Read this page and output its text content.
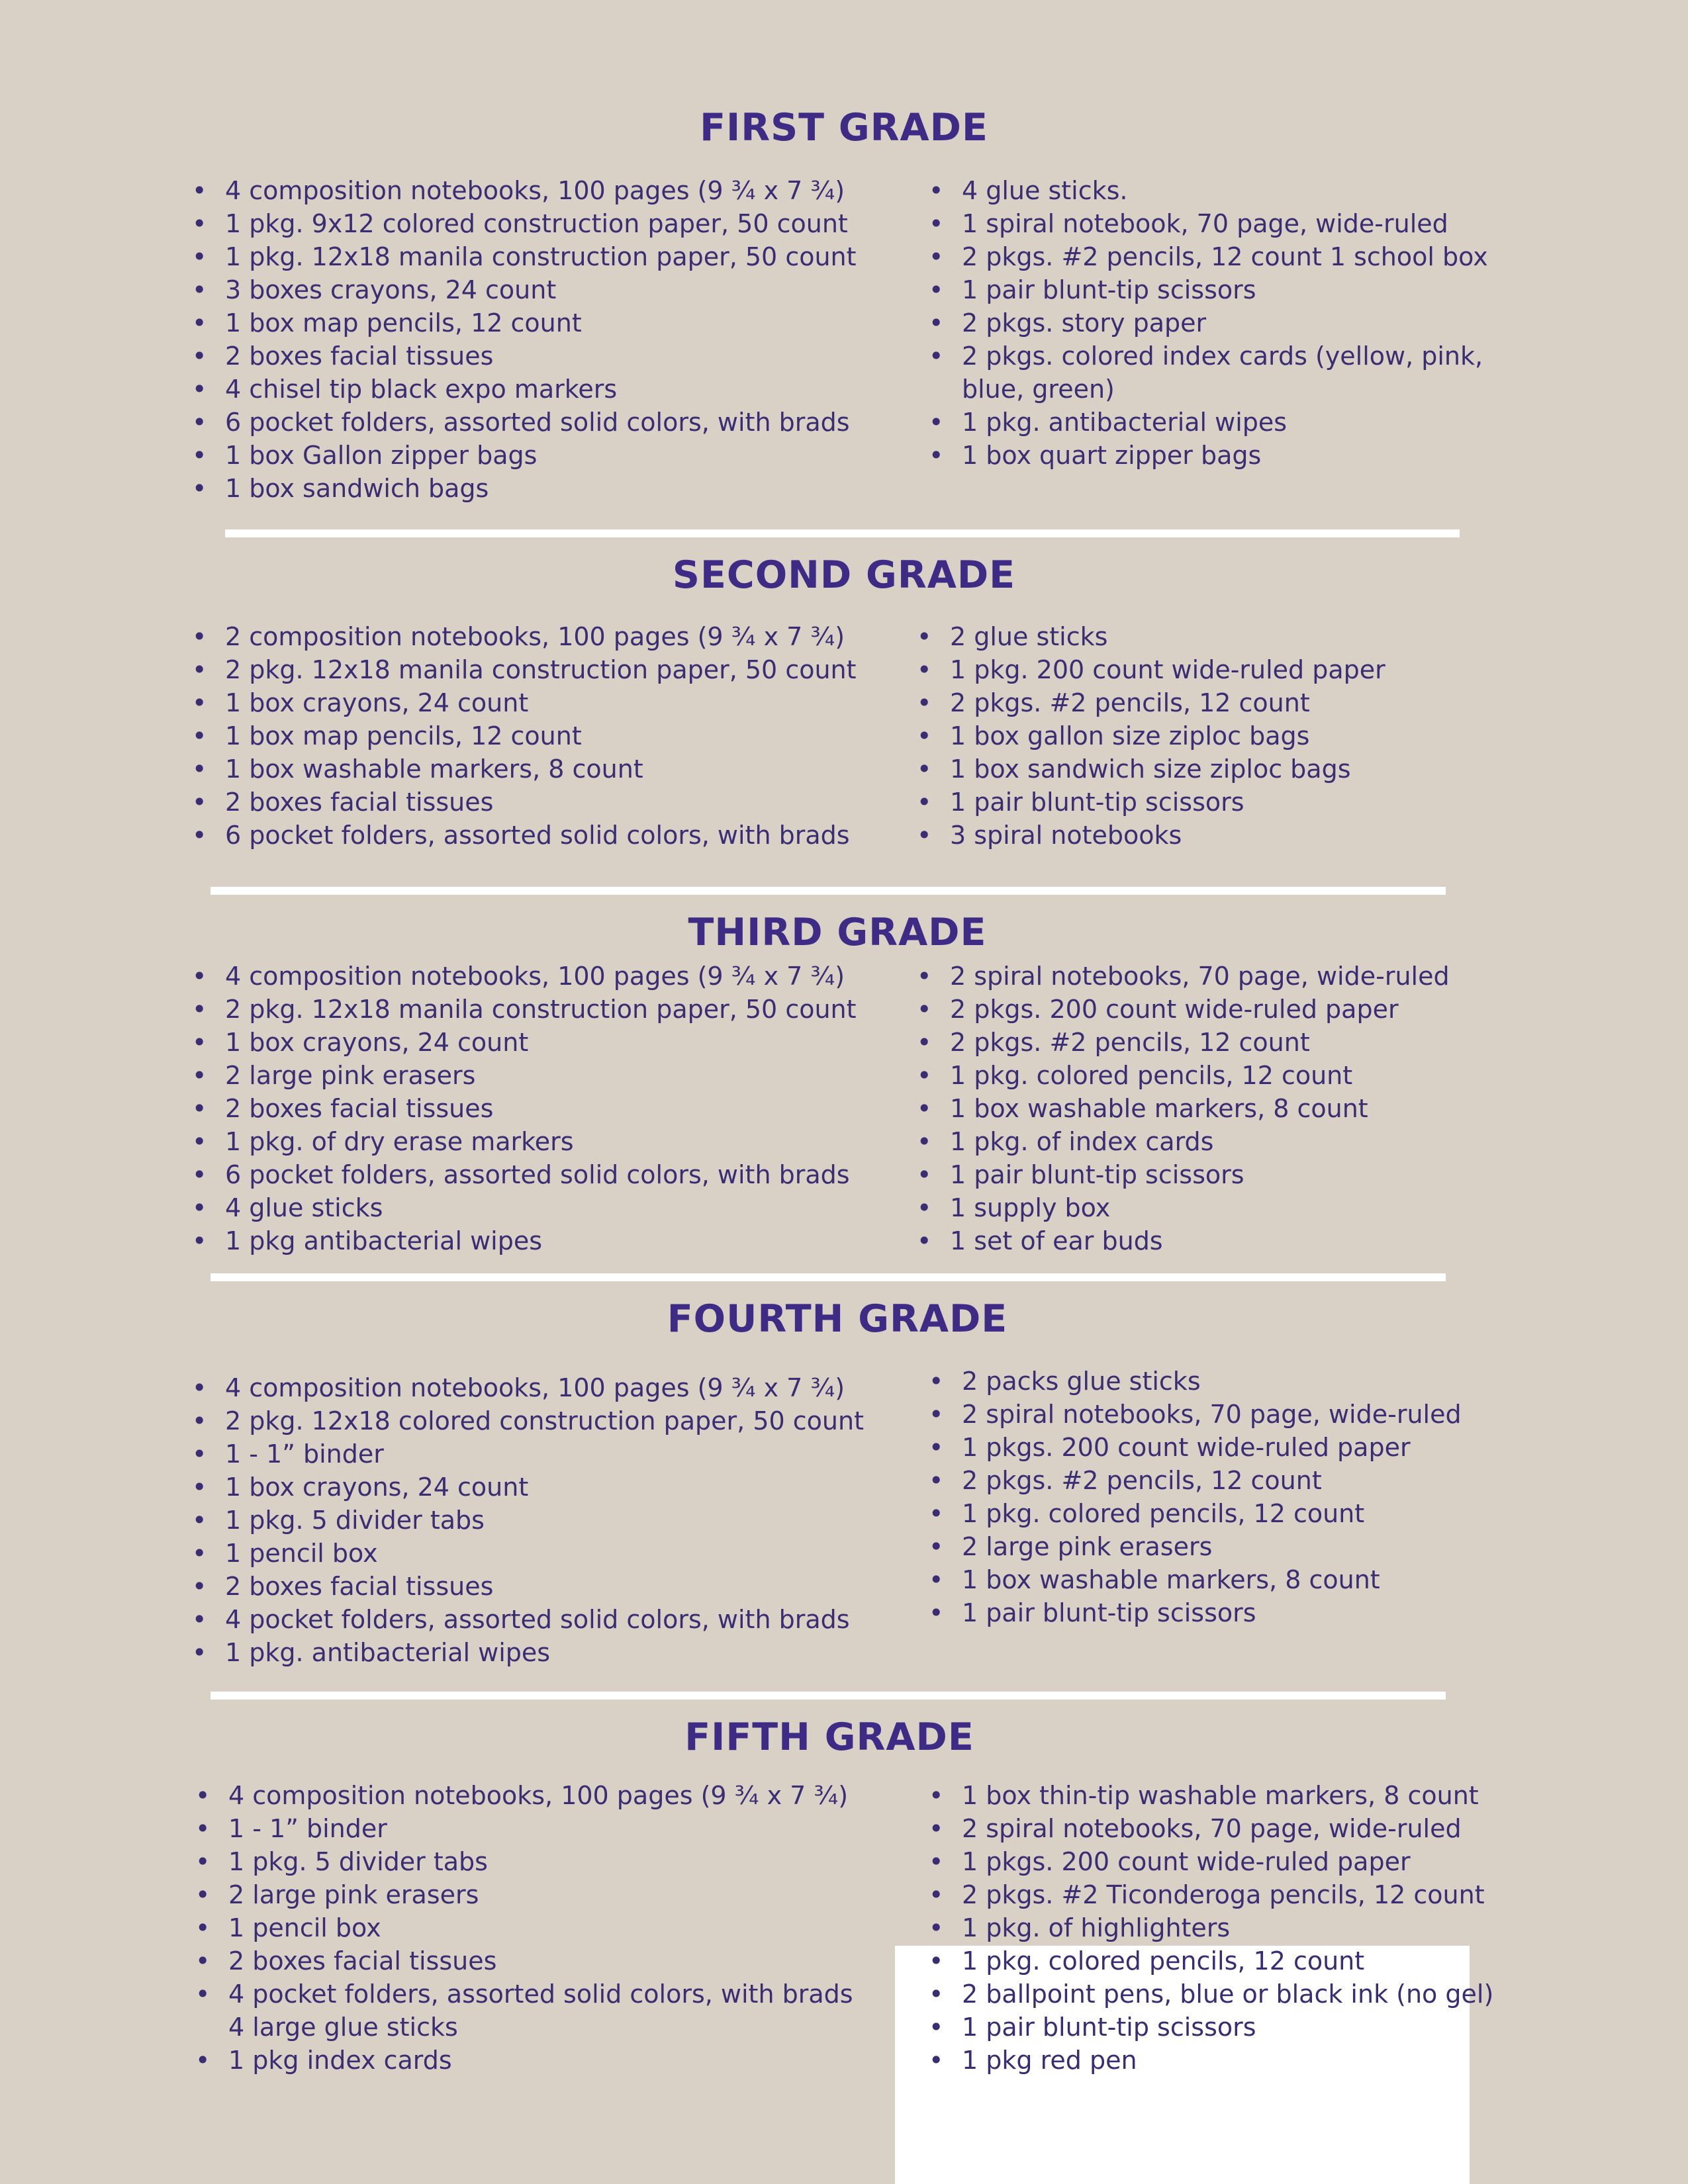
FIRST GRADE
• 4 composition notebooks, 100 pages (9 ¾ x 7 ¾)
• 1 pkg. 9x12 colored construction paper, 50 count
• 1 pkg. 12x18 manila construction paper, 50 count
• 3 boxes crayons, 24 count
• 1 box map pencils, 12 count
• 2 boxes facial tissues
• 4 chisel tip black expo markers
• 6 pocket folders, assorted solid colors, with brads
• 1 box Gallon zipper bags
• 1 box sandwich bags
• 4 glue sticks.
• 1 spiral notebook, 70 page, wide-ruled
• 2 pkgs. #2 pencils, 12 count 1 school box
• 1 pair blunt-tip scissors
• 2 pkgs. story paper
• 2 pkgs. colored index cards (yellow, pink,
blue, green)
• 1 pkg. antibacterial wipes
• 1 box quart zipper bags
SECOND GRADE
• 2 composition notebooks, 100 pages (9 ¾ x 7 ¾)
• 2 pkg. 12x18 manila construction paper, 50 count
• 1 box crayons, 24 count
• 1 box map pencils, 12 count
• 1 box washable markers, 8 count
• 2 boxes facial tissues
• 6 pocket folders, assorted solid colors, with brads
• 2 glue sticks
• 1 pkg. 200 count wide-ruled paper
• 2 pkgs. #2 pencils, 12 count
• 1 box gallon size ziploc bags
• 1 box sandwich size ziploc bags
• 1 pair blunt-tip scissors
• 3 spiral notebooks
THIRD GRADE
• 4 composition notebooks, 100 pages (9 ¾ x 7 ¾)
• 2 pkg. 12x18 manila construction paper, 50 count
• 1 box crayons, 24 count
• 2 large pink erasers
• 2 boxes facial tissues
• 1 pkg. of dry erase markers
• 6 pocket folders, assorted solid colors, with brads
• 4 glue sticks
• 1 pkg antibacterial wipes
• 2 spiral notebooks, 70 page, wide-ruled
• 2 pkgs. 200 count wide-ruled paper
• 2 pkgs. #2 pencils, 12 count
• 1 pkg. colored pencils, 12 count
• 1 box washable markers, 8 count
• 1 pkg. of index cards
• 1 pair blunt-tip scissors
• 1 supply box
• 1 set of ear buds
FOURTH GRADE
• 4 composition notebooks, 100 pages (9 ¾ x 7 ¾)
• 2 pkg. 12x18 colored construction paper, 50 count
• 1 - 1” binder
• 1 box crayons, 24 count
• 1 pkg. 5 divider tabs
• 1 pencil box
• 2 boxes facial tissues
• 4 pocket folders, assorted solid colors, with brads
• 1 pkg. antibacterial wipes
• 2 packs glue sticks
• 2 spiral notebooks, 70 page, wide-ruled
• 1 pkgs. 200 count wide-ruled paper
• 2 pkgs. #2 pencils, 12 count
• 1 pkg. colored pencils, 12 count
• 2 large pink erasers
• 1 box washable markers, 8 count
• 1 pair blunt-tip scissors
FIFTH GRADE
• 4 composition notebooks, 100 pages (9 ¾ x 7 ¾)
• 1 - 1” binder
• 1 pkg. 5 divider tabs
• 2 large pink erasers
• 1 pencil box
• 2 boxes facial tissues
• 4 pocket folders, assorted solid colors, with brads
4 large glue sticks
• 1 pkg index cards
• 1 box thin-tip washable markers, 8 count
• 2 spiral notebooks, 70 page, wide-ruled
• 1 pkgs. 200 count wide-ruled paper
• 2 pkgs. #2 Ticonderoga pencils, 12 count
• 1 pkg. of highlighters
• 1 pkg. colored pencils, 12 count
• 2 ballpoint pens, blue or black ink (no gel)
• 1 pair blunt-tip scissors
• 1 pkg red pen
